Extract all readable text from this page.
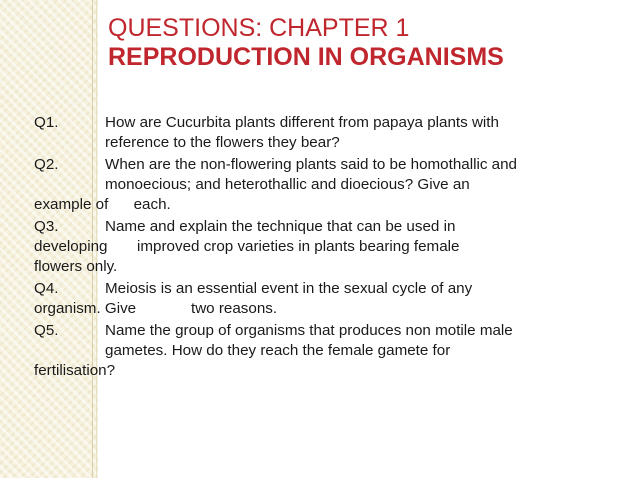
QUESTIONS: CHAPTER 1

REPRODUCTION IN ORGANISMS
Q1.	How are Cucurbita plants different from papaya plants with
reference to the flowers they bear?
Q2.	When are the non-flowering plants said to be homothallic and
monoecious; and heterothallic and dioecious? Give an
example of      each.
Q3.	Name and explain the technique that can be used in
developing       improved crop varieties in plants bearing female
flowers only.
Q4.	Meiosis is an essential event in the sexual cycle of any
organism. Give             two reasons.
Q5.	Name the group of organisms that produces non motile male
gametes. How do they reach the female gamete for
fertilisation?
